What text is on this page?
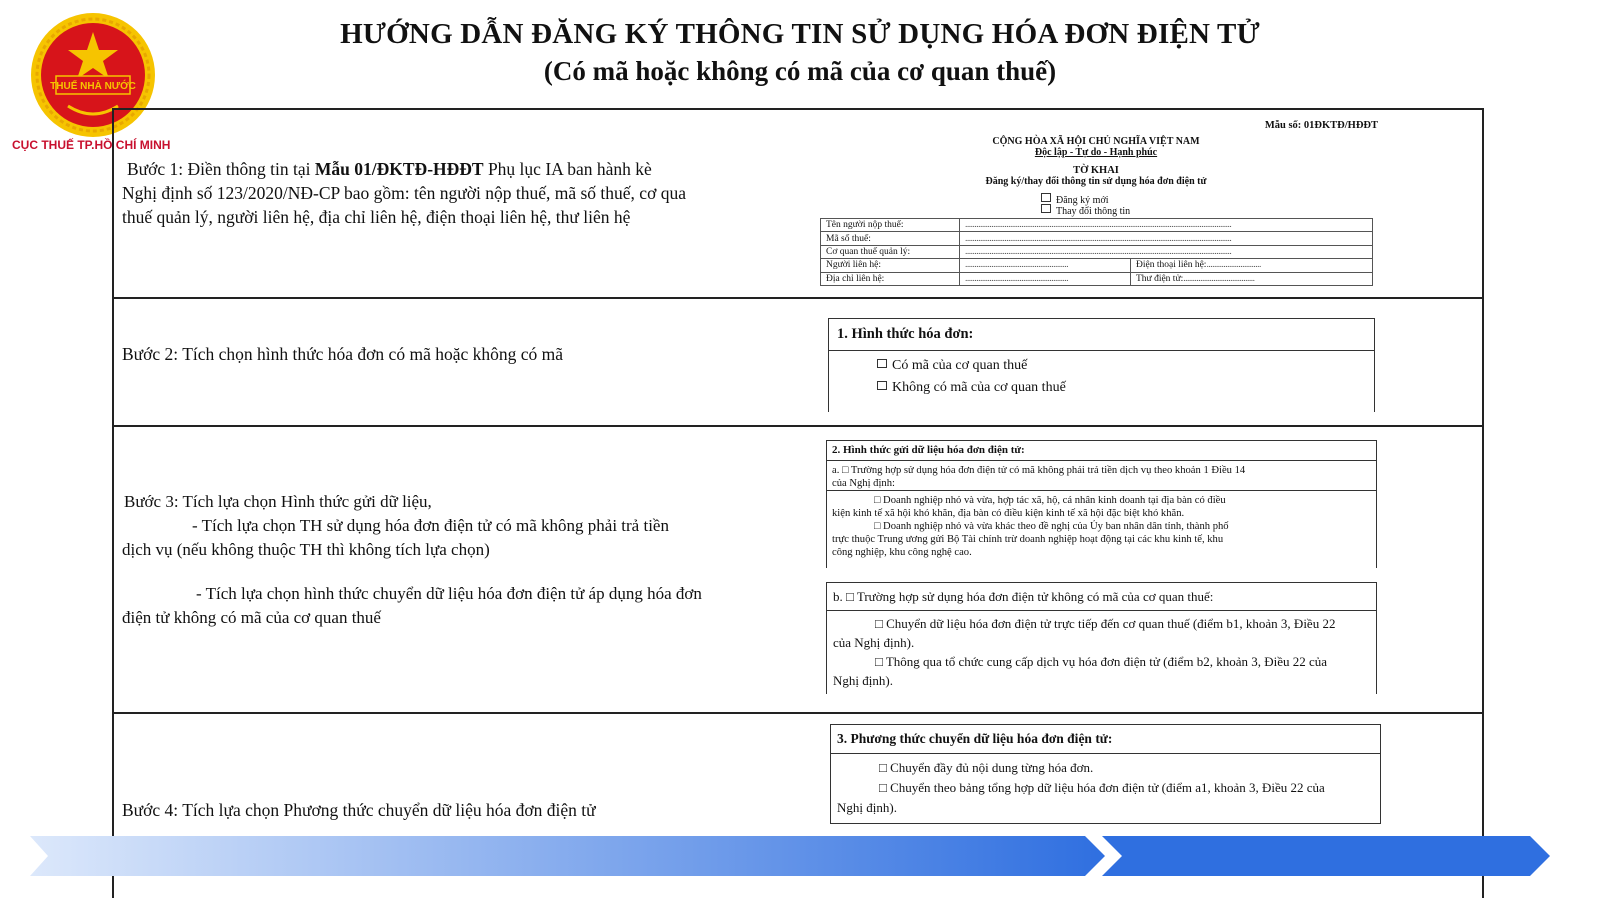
THUẾ NHÀ NƯỚC
CỤC THUẾ TP.HỒ CHÍ MINH
HƯỚNG DẪN ĐĂNG KÝ THÔNG TIN SỬ DỤNG HÓA ĐƠN ĐIỆN TỬ
(Có mã hoặc không có mã của cơ quan thuế)
Bước 1: Điền thông tin tại Mẫu 01/ĐKTĐ-HĐĐT Phụ lục IA ban hành kè
Nghị định số 123/2020/NĐ-CP bao gồm: tên người nộp thuế, mã số thuế, cơ qua
thuế quản lý, người liên hệ, địa chỉ liên hệ, điện thoại liên hệ, thư liên hệ
Mẫu số: 01ĐKTĐ/HĐĐT
CỘNG HÒA XÃ HỘI CHỦ NGHĨA VIỆT NAM
Độc lập - Tự do - Hạnh phúc
TỜ KHAI
Đăng ký/thay đổi thông tin sử dụng hóa đơn điện tử
Đăng ký mới
Thay đổi thông tin
Tên người nộp thuế:	..............................................................................................................................................	
Mã số thuế:	..............................................................................................................................................	
Cơ quan thuế quản lý:	..............................................................................................................................................	
Người liên hệ:	.......................................................	Điện thoại liên hệ:.............................
Địa chỉ liên hệ:	.......................................................	Thư điện tử:......................................
Bước 2: Tích chọn hình thức hóa đơn có mã hoặc không có mã
1. Hình thức hóa đơn:
Có mã của cơ quan thuế
Không có mã của cơ quan thuế
Bước 3: Tích lựa chọn Hình thức gửi dữ liệu,
- Tích lựa chọn TH sử dụng hóa đơn điện tử có mã không phải trả tiền
dịch vụ (nếu không thuộc TH thì không tích lựa chọn)
- Tích lựa chọn hình thức chuyển dữ liệu hóa đơn điện tử áp dụng hóa đơn
điện tử không có mã của cơ quan thuế
2. Hình thức gửi dữ liệu hóa đơn điện tử:
a. □ Trường hợp sử dụng hóa đơn điện tử có mã không phải trả tiền dịch vụ theo khoản 1 Điều 14
của Nghị định:
□ Doanh nghiệp nhỏ và vừa, hợp tác xã, hộ, cá nhân kinh doanh tại địa bàn có điều
kiện kinh tế xã hội khó khăn, địa bàn có điều kiện kinh tế xã hội đặc biệt khó khăn.
□ Doanh nghiệp nhỏ và vừa khác theo đề nghị của Ủy ban nhân dân tỉnh, thành phố
trực thuộc Trung ương gửi Bộ Tài chính trừ doanh nghiệp hoạt động tại các khu kinh tế, khu
công nghiệp, khu công nghệ cao.
b. □ Trường hợp sử dụng hóa đơn điện tử không có mã của cơ quan thuế:
□ Chuyển dữ liệu hóa đơn điện tử trực tiếp đến cơ quan thuế (điểm b1, khoản 3, Điều 22
của Nghị định).
□ Thông qua tổ chức cung cấp dịch vụ hóa đơn điện tử (điểm b2, khoản 3, Điều 22 của
Nghị định).
Bước 4: Tích lựa chọn Phương thức chuyển dữ liệu hóa đơn điện tử
3. Phương thức chuyển dữ liệu hóa đơn điện tử:
□ Chuyển đầy đủ nội dung từng hóa đơn.
□ Chuyển theo bảng tổng hợp dữ liệu hóa đơn điện tử (điểm a1, khoản 3, Điều 22 của
Nghị định).
